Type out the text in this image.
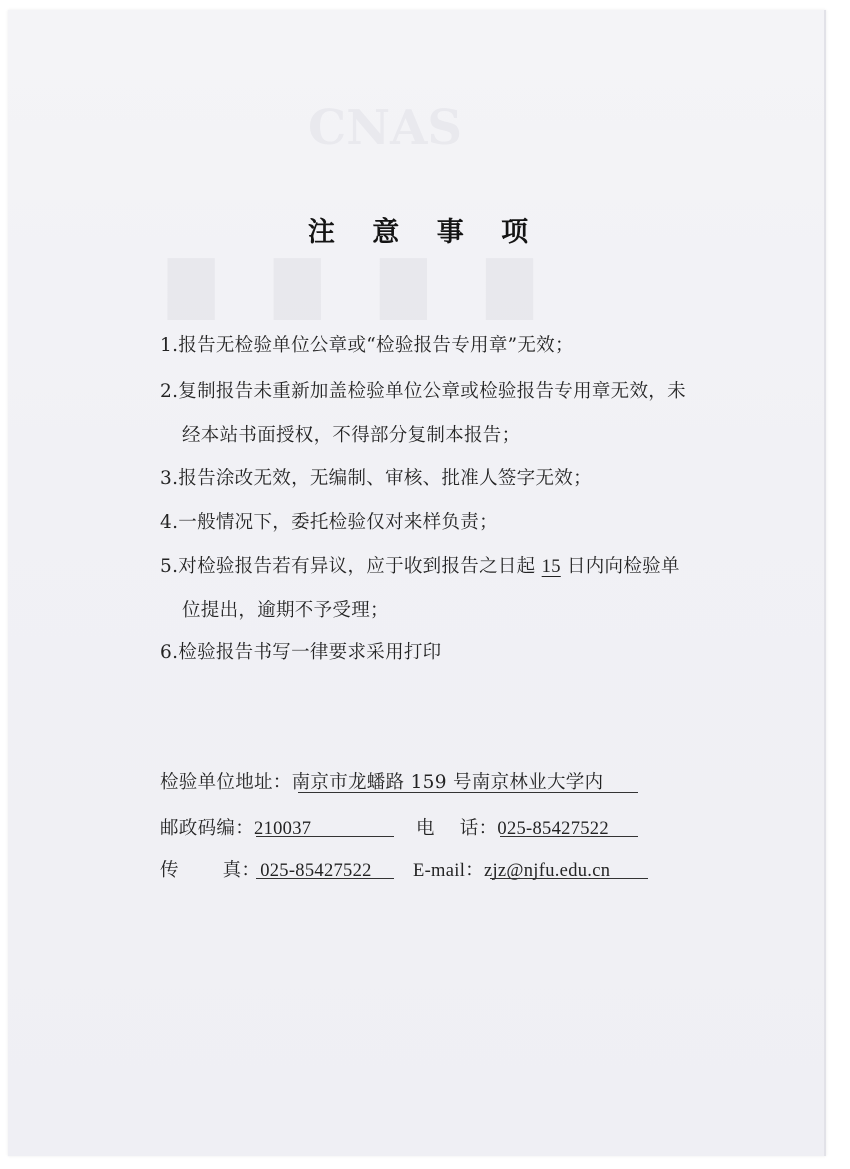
CNAS
▇▇▇▇
注 意 事 项
1.报告无检验单位公章或“检验报告专用章”无效；
2.复制报告未重新加盖检验单位公章或检验报告专用章无效，未
经本站书面授权，不得部分复制本报告；
3.报告涂改无效，无编制、审核、批准人签字无效；
4.一般情况下，委托检验仅对来样负责；
5.对检验报告若有异议，应于收到报告之日起 15 日内向检验单
位提出，逾期不予受理；
6.检验报告书写一律要求采用打印
检验单位地址：南京市龙蟠路 159 号南京林业大学内
邮政码编：210037	电　 话：025-85427522
传　　 真：025-85427522 E-mail：zjz@njfu.edu.cn
